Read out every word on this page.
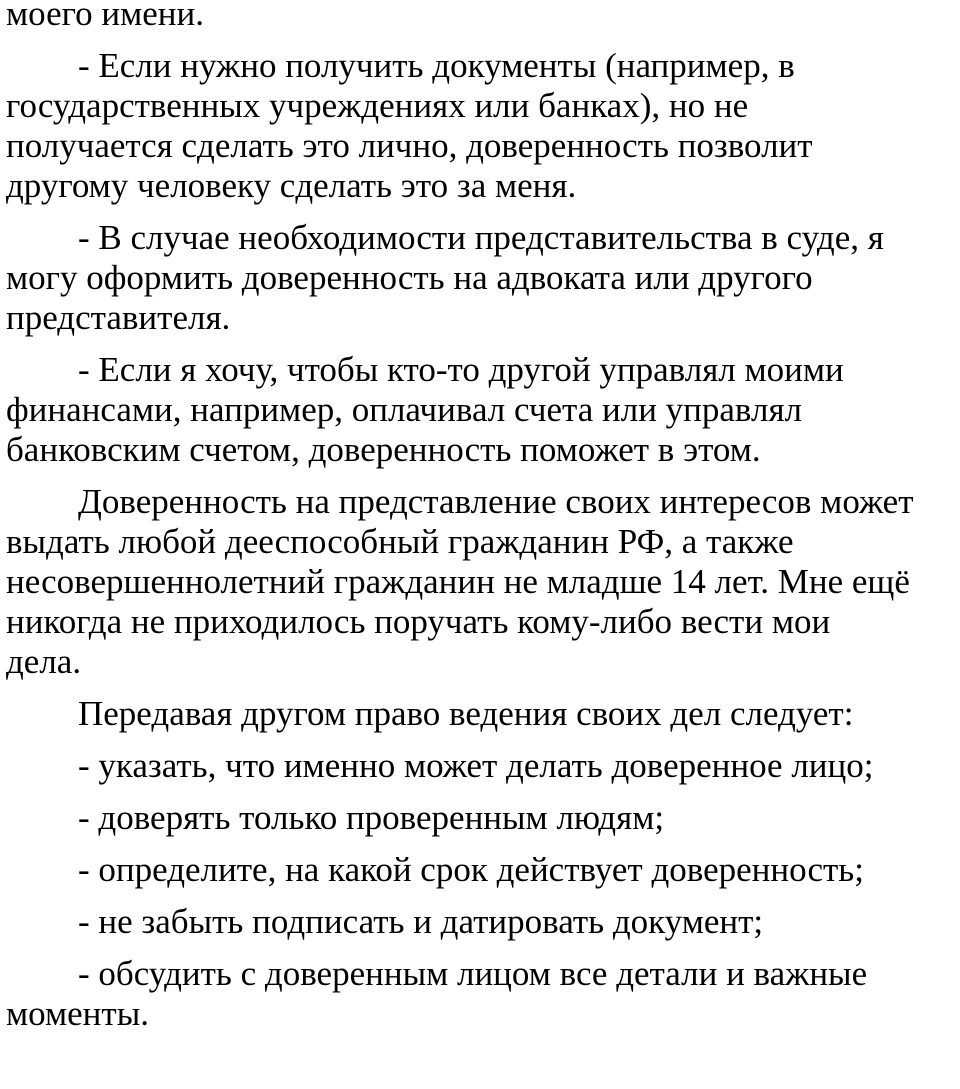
моего имени.

- Если нужно получить документы (например, в
государственных учреждениях или банках), но не
получается сделать это лично, доверенность позволит
другому человеку сделать это за меня.

- В случае необходимости представительства в суде, я
могу оформить доверенность на адвоката или другого
представителя.

- Если я хочу, чтобы кто-то другой управлял моими
финансами, например, оплачивал счета или управлял
банковским счетом, доверенность поможет в этом.

Доверенность на представление своих интересов может
выдать любой дееспособный гражданин РФ, а также
несовершеннолетний гражданин не младше 14 лет. Мне ещё
никогда не приходилось поручать кому-либо вести мои
дела.

Передавая другом право ведения своих дел следует:

- указать, что именно может делать доверенное лицо;

- доверять только проверенным людям;

- определите, на какой срок действует доверенность;

- не забыть подписать и датировать документ;

- обсудить с доверенным лицом все детали и важные
моменты.
